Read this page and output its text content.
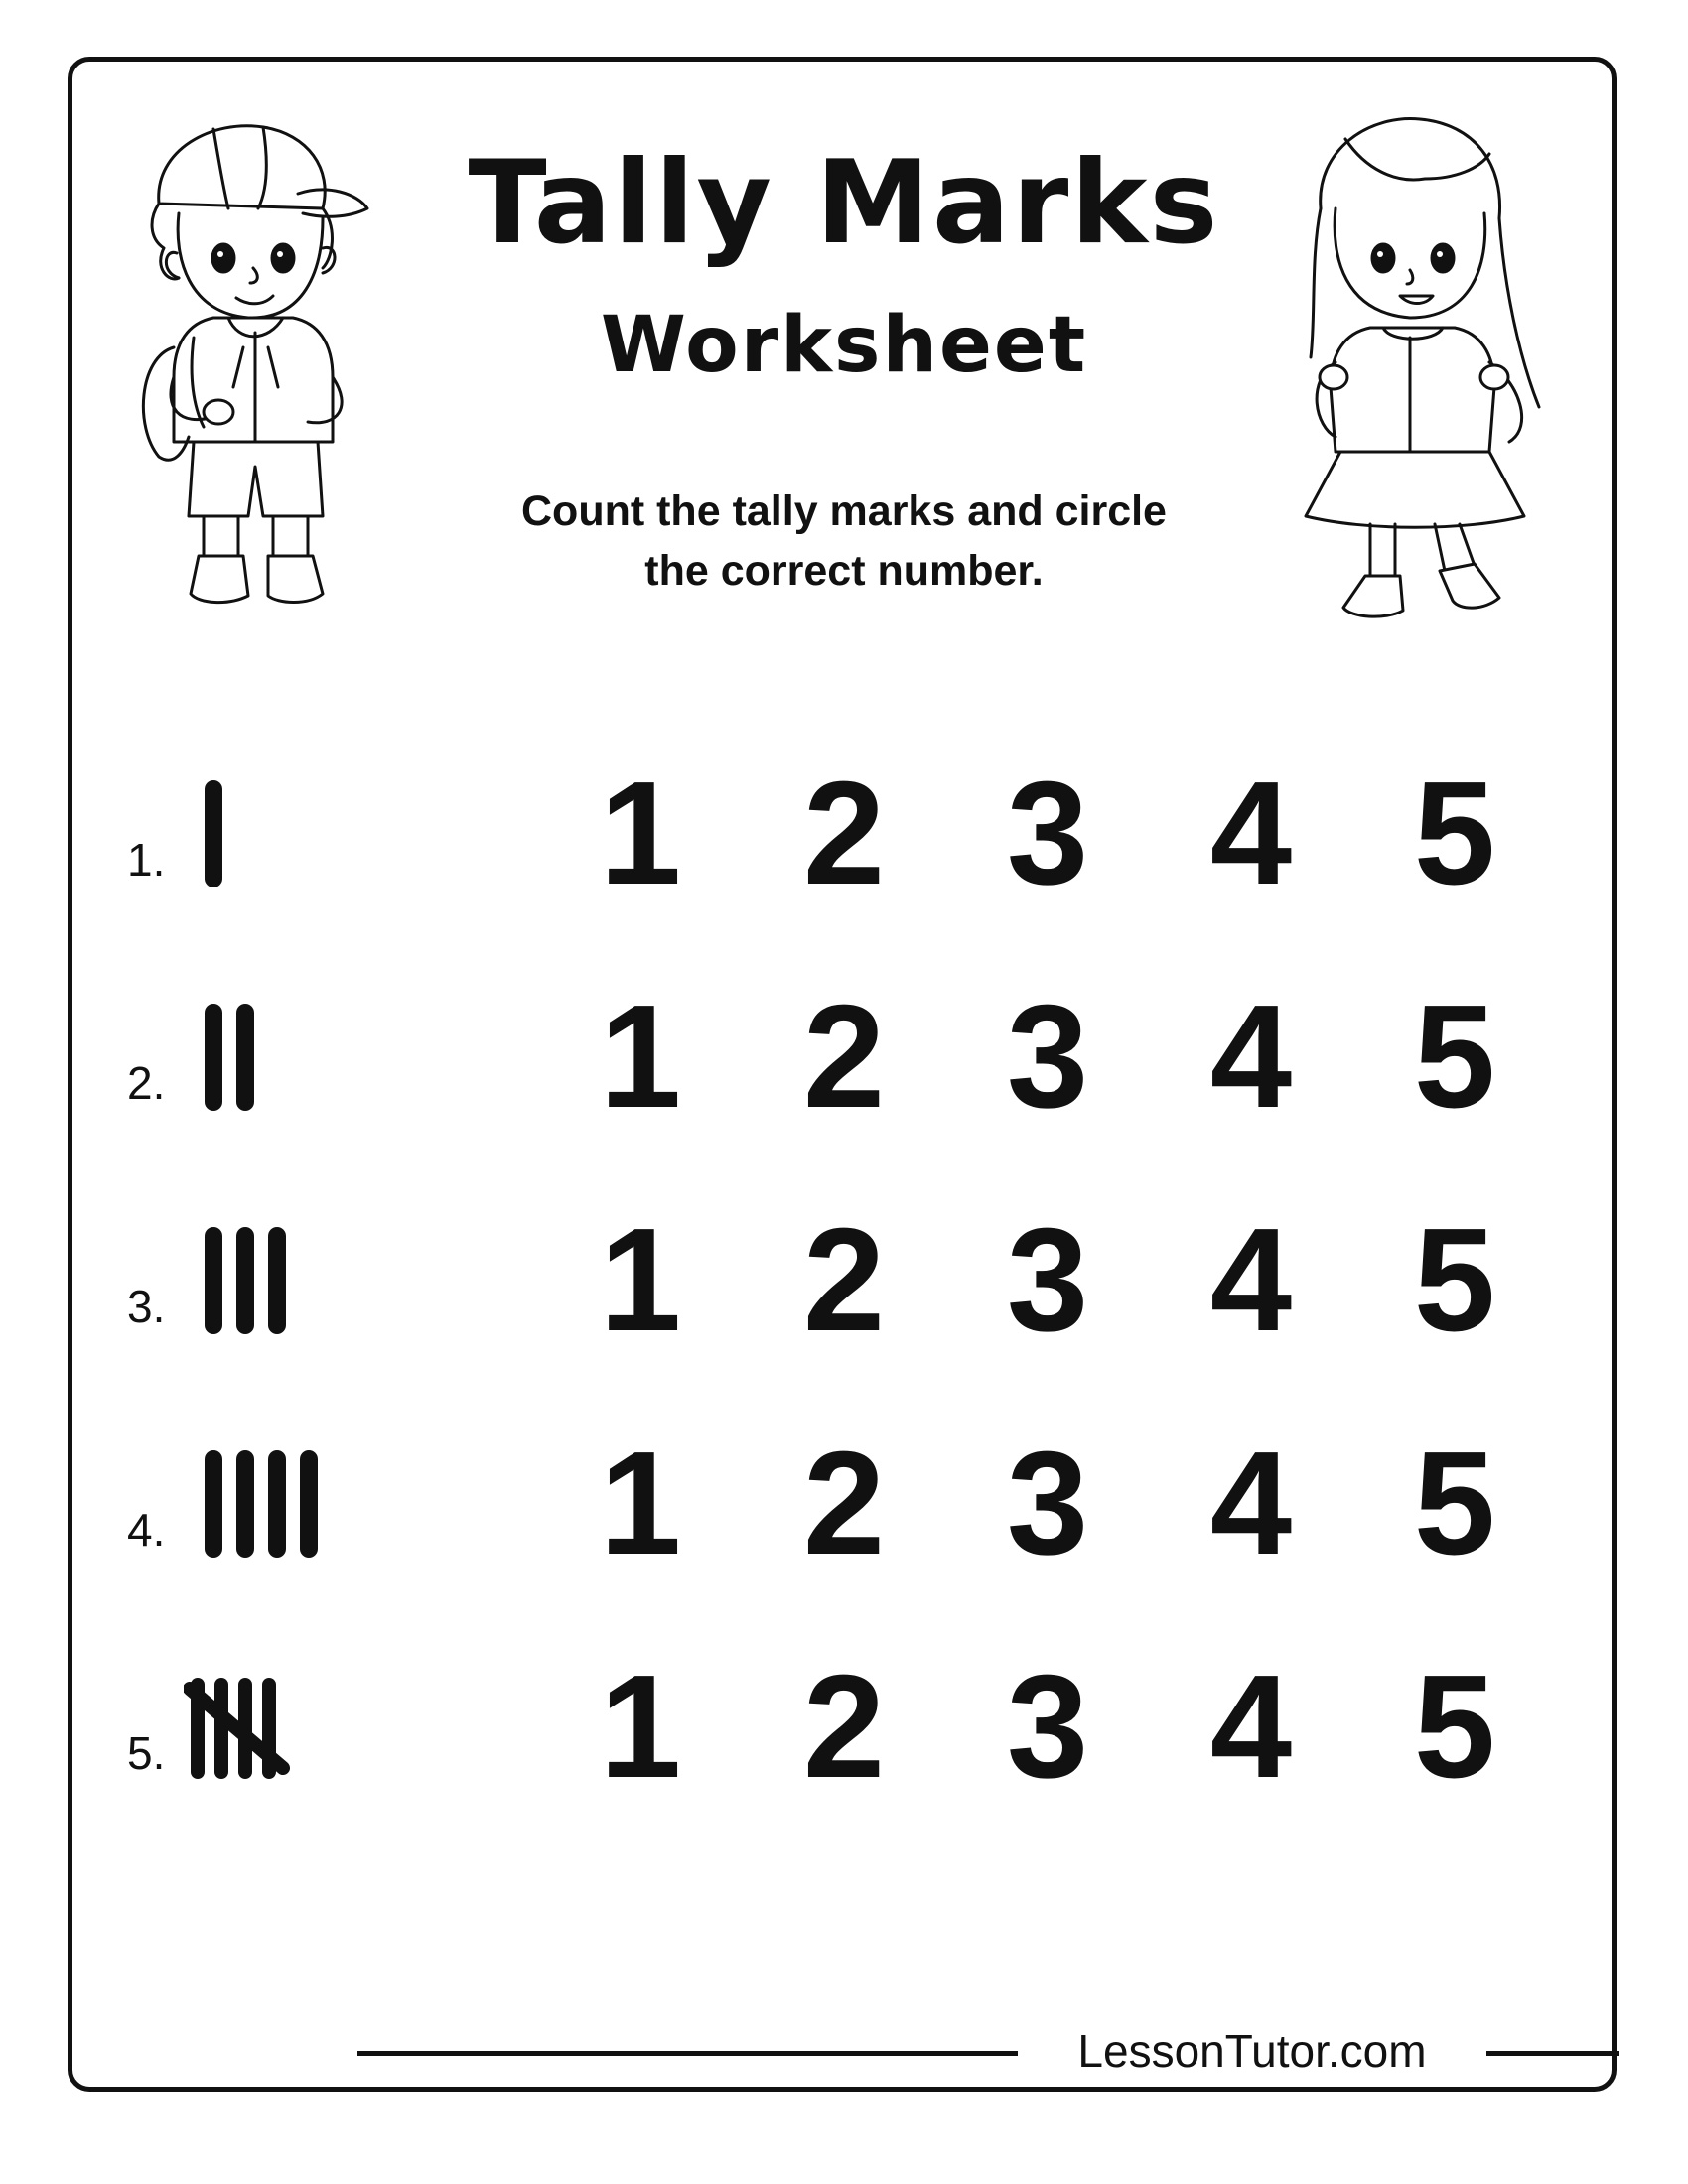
Tally Marks
Worksheet
Count the tally marks and circle
the correct number.
1.	1 2 3 4 5
2.	1 2 3 4 5
3.	1 2 3 4 5
4.	1 2 3 4 5
5.	1 2 3 4 5
LessonTutor.com
